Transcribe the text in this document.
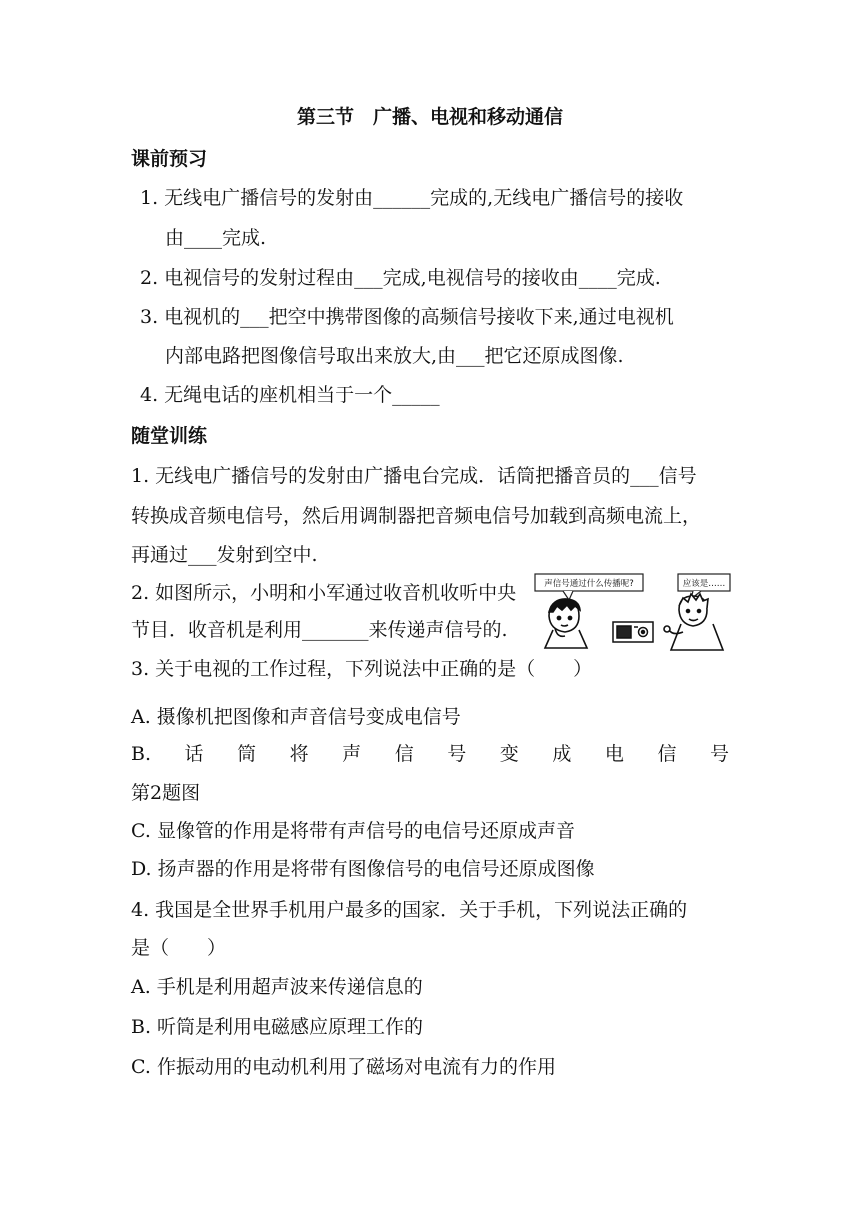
第三节　广播、电视和移动通信
课前预习
1. 无线电广播信号的发射由______完成的,无线电广播信号的接收
由____完成.
2. 电视信号的发射过程由___完成,电视信号的接收由____完成.
3. 电视机的___把空中携带图像的高频信号接收下来,通过电视机
内部电路把图像信号取出来放大,由___把它还原成图像.
4. 无绳电话的座机相当于一个_____
随堂训练
1. 无线电广播信号的发射由广播电台完成．话筒把播音员的___信号
转换成音频电信号，然后用调制器把音频电信号加载到高频电流上，
再通过___发射到空中.
2. 如图所示，小明和小军通过收音机收听中央
节目．收音机是利用_______来传递声信号的.
声信号通过什么传播呢?	应该是……
3. 关于电视的工作过程，下列说法中正确的是（　　）
A. 摄像机把图像和声音信号变成电信号
B.　话　筒　将　声　信　号　变　成　电　信　号
第2题图
C. 显像管的作用是将带有声信号的电信号还原成声音
D. 扬声器的作用是将带有图像信号的电信号还原成图像
4. 我国是全世界手机用户最多的国家．关于手机，下列说法正确的
是（　　）
A. 手机是利用超声波来传递信息的
B. 听筒是利用电磁感应原理工作的
C. 作振动用的电动机利用了磁场对电流有力的作用
